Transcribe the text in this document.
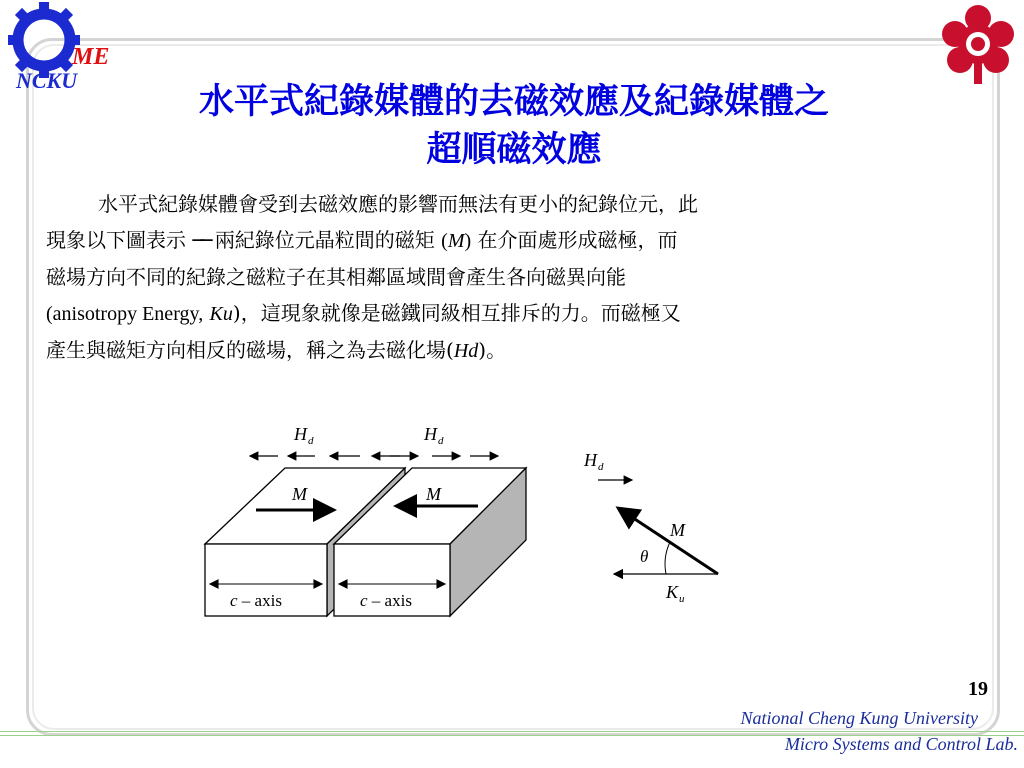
ME
NCKU
水平式紀錄媒體的去磁效應及紀錄媒體之
超順磁效應
水平式紀錄媒體會受到去磁效應的影響而無法有更小的紀錄位元，此
現象以下圖表示 ── 兩紀錄位元晶粒間的磁矩 (M) 在介面處形成磁極，而
磁場方向不同的紀錄之磁粒子在其相鄰區域間會產生各向磁異向能
(anisotropy Energy, Ku)，這現象就像是磁鐵同級相互排斥的力。而磁極又
產生與磁矩方向相反的磁場，稱之為去磁化場(Hd)。
H d	H d
M	M
c – axis	c – axis
H d
M
θ
K u
19
National Cheng Kung University
Micro Systems and Control Lab.
